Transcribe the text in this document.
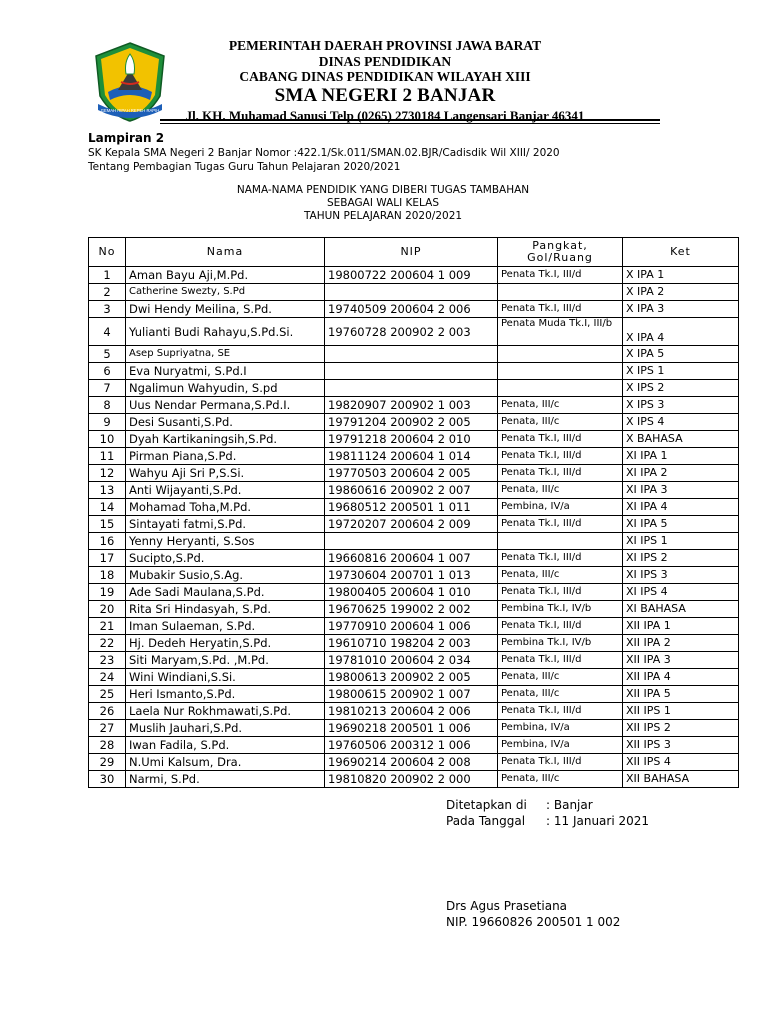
GEMAH RIPAH REPEH RAPIH
PEMERINTAH DAERAH PROVINSI JAWA BARAT
DINAS PENDIDIKAN
CABANG DINAS PENDIDIKAN WILAYAH XIII
SMA NEGERI 2 BANJAR
Jl. KH. Muhamad Sanusi Telp (0265) 2730184 Langensari Banjar 46341
Lampiran 2
SK Kepala SMA Negeri 2 Banjar Nomor :422.1/Sk.011/SMAN.02.BJR/Cadisdik Wil XIII/ 2020
Tentang Pembagian Tugas Guru Tahun Pelajaran 2020/2021
NAMA-NAMA PENDIDIK YANG DIBERI TUGAS TAMBAHAN
SEBAGAI WALI KELAS
TAHUN PELAJARAN 2020/2021
No	Nama	NIP	Pangkat, Gol/Ruang	Ket
1	Aman Bayu Aji,M.Pd.	19800722 200604 1 009	Penata Tk.I, III/d	X IPA 1
2	Catherine Swezty, S.Pd			X IPA 2
3	Dwi Hendy Meilina, S.Pd.	19740509 200604 2 006	Penata Tk.I, III/d	X IPA 3
4	Yulianti Budi Rahayu,S.Pd.Si.	19760728 200902 2 003	Penata Muda Tk.I, III/b	X IPA 4
5	Asep Supriyatna, SE			X IPA 5
6	Eva Nuryatmi, S.Pd.I			X IPS 1
7	Ngalimun Wahyudin, S.pd			X IPS 2
8	Uus Nendar Permana,S.Pd.I.	19820907 200902 1 003	Penata, III/c	X IPS 3
9	Desi Susanti,S.Pd.	19791204 200902 2 005	Penata, III/c	X IPS 4
10	Dyah Kartikaningsih,S.Pd.	19791218 200604 2 010	Penata Tk.I, III/d	X BAHASA
11	Pirman Piana,S.Pd.	19811124 200604 1 014	Penata Tk.I, III/d	XI IPA 1
12	Wahyu Aji Sri P,S.Si.	19770503 200604 2 005	Penata Tk.I, III/d	XI IPA 2
13	Anti Wijayanti,S.Pd.	19860616 200902 2 007	Penata, III/c	XI IPA 3
14	Mohamad Toha,M.Pd.	19680512 200501 1 011	Pembina, IV/a	XI IPA 4
15	Sintayati fatmi,S.Pd.	19720207 200604 2 009	Penata Tk.I, III/d	XI IPA 5
16	Yenny Heryanti, S.Sos			XI IPS 1
17	Sucipto,S.Pd.	19660816 200604 1 007	Penata Tk.I, III/d	XI IPS 2
18	Mubakir Susio,S.Ag.	19730604 200701 1 013	Penata, III/c	XI IPS 3
19	Ade Sadi Maulana,S.Pd.	19800405 200604 1 010	Penata Tk.I, III/d	XI IPS 4
20	Rita Sri Hindasyah, S.Pd.	19670625 199002 2 002	Pembina Tk.I, IV/b	XI BAHASA
21	Iman Sulaeman, S.Pd.	19770910 200604 1 006	Penata Tk.I, III/d	XII IPA 1
22	Hj. Dedeh Heryatin,S.Pd.	19610710 198204 2 003	Pembina Tk.I, IV/b	XII IPA 2
23	Siti Maryam,S.Pd. ,M.Pd.	19781010 200604 2 034	Penata Tk.I, III/d	XII IPA 3
24	Wini Windiani,S.Si.	19800613 200902 2 005	Penata, III/c	XII IPA 4
25	Heri Ismanto,S.Pd.	19800615 200902 1 007	Penata, III/c	XII IPA 5
26	Laela Nur Rokhmawati,S.Pd.	19810213 200604 2 006	Penata Tk.I, III/d	XII IPS 1
27	Muslih Jauhari,S.Pd.	19690218 200501 1 006	Pembina, IV/a	XII IPS 2
28	Iwan Fadila, S.Pd.	19760506 200312 1 006	Pembina, IV/a	XII IPS 3
29	N.Umi Kalsum, Dra.	19690214 200604 2 008	Penata Tk.I, III/d	XII IPS 4
30	Narmi, S.Pd.	19810820 200902 2 000	Penata, III/c	XII BAHASA
Ditetapkan di : Banjar
Pada Tanggal : 11 Januari 2021
Drs Agus Prasetiana
NIP. 19660826 200501 1 002
